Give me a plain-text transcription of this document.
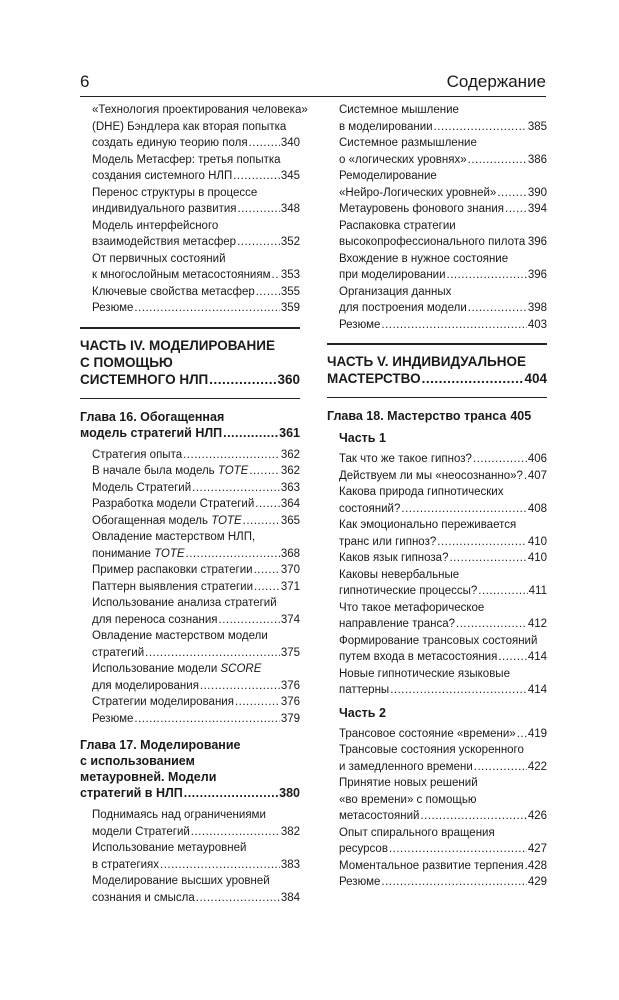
6	Содержание
«Технология проектирования человека»
(DHE) Бэндлера как вторая попытка
создать единую теорию поля .....	340
Модель Метасфер: третья попытка
создания системного НЛП .....	345
Перенос структуры в процессе
индивидуального развития .....	348
Модель интерфейсного
взаимодействия метасфер .....	352
От первичных состояний
к многослойным метасостояниям ..... 353
Ключевые свойства метасфер ..... 355
Резюме .....	359
ЧАСТЬ IV. МОДЕЛИРОВАНИЕ
С ПОМОЩЬЮ
СИСТЕМНОГО НЛП .....	360
Глава 16. Обогащенная
модель стратегий НЛП .....	361
Стратегия опыта .....	362
В начале была модель TOTE .....	362
Модель Стратегий .....	363
Разработка модели Стратегий ..... 364
Обогащенная модель TOTE .....	365
Овладение мастерством НЛП,
понимание TOTE .....	368
Пример распаковки стратегии ..... 370
Паттерн выявления стратегии ..... 371
Использование анализа стратегий
для переноса сознания .....	374
Овладение мастерством модели
стратегий .....	375
Использование модели SCORE
для моделирования .....	376
Стратегии моделирования .....	376
Резюме .....	379
Глава 17. Моделирование
с использованием
метауровней. Модели
стратегий в НЛП .....	380
Поднимаясь над ограничениями
модели Стратегий .....	382
Использование метауровней
в стратегиях .....	383
Моделирование высших уровней
сознания и смысла .....	384
Системное мышление
в моделировании .....	385
Системное размышление
о «логических уровнях» .....	386
Ремоделирование
«Нейро-Логических уровней» .....	390
Метауровень фонового знания ..... 394
Распаковка стратегии
высокопрофессионального пилота ..... 396
Вхождение в нужное состояние
при моделировании .....	396
Организация данных
для построения модели .....	398
Резюме .....	403
ЧАСТЬ V. ИНДИВИДУАЛЬНОЕ
МАСТЕРСТВО .....	404
Глава 18. Мастерство транса 405
Часть 1
Так что же такое гипноз? .....	406
Действуем ли мы «неосознанно»? ..... 407
Какова природа гипнотических
состояний? .....	408
Как эмоционально переживается
транс или гипноз? .....	410
Каков язык гипноза? .....	410
Каковы невербальные
гипнотические процессы? .....	411
Что такое метафорическое
направление транса? .....	412
Формирование трансовых состояний
путем входа в метасостояния .....	414
Новые гипнотические языковые
паттерны .....	414
Часть 2
Трансовое состояние «времени» ..... 419
Трансовые состояния ускоренного
и замедленного времени .....	422
Принятие новых решений
«во времени» с помощью
метасостояний .....	426
Опыт спирального вращения
ресурсов .....	427
Моментальное развитие терпения ..... 428
Резюме .....	429
